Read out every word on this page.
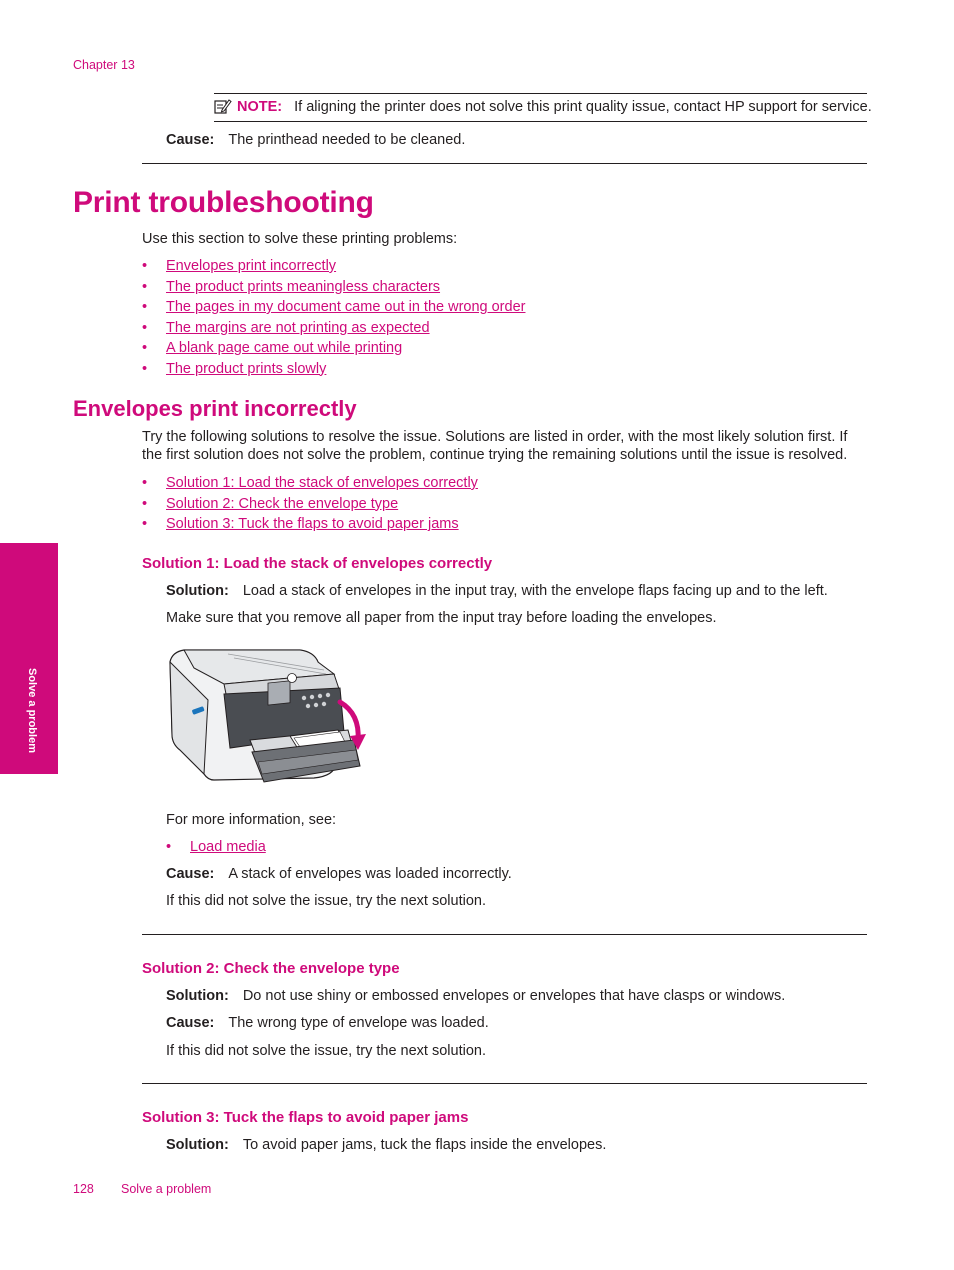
Chapter 13
NOTE: If aligning the printer does not solve this print quality issue, contact HP support for service.
Cause: The printhead needed to be cleaned.
Print troubleshooting
Use this section to solve these printing problems:
• Envelopes print incorrectly
• The product prints meaningless characters
• The pages in my document came out in the wrong order
• The margins are not printing as expected
• A blank page came out while printing
• The product prints slowly
Envelopes print incorrectly
Try the following solutions to resolve the issue. Solutions are listed in order, with the most likely solution first. If the first solution does not solve the problem, continue trying the remaining solutions until the issue is resolved.
• Solution 1: Load the stack of envelopes correctly
• Solution 2: Check the envelope type
• Solution 3: Tuck the flaps to avoid paper jams
Solution 1: Load the stack of envelopes correctly
Solution: Load a stack of envelopes in the input tray, with the envelope flaps facing up and to the left.
Make sure that you remove all paper from the input tray before loading the envelopes.
For more information, see:
• Load media
Cause: A stack of envelopes was loaded incorrectly.
If this did not solve the issue, try the next solution.
Solution 2: Check the envelope type
Solution: Do not use shiny or embossed envelopes or envelopes that have clasps or windows.
Cause: The wrong type of envelope was loaded.
If this did not solve the issue, try the next solution.
Solution 3: Tuck the flaps to avoid paper jams
Solution: To avoid paper jams, tuck the flaps inside the envelopes.
Solve a problem
128 Solve a problem
